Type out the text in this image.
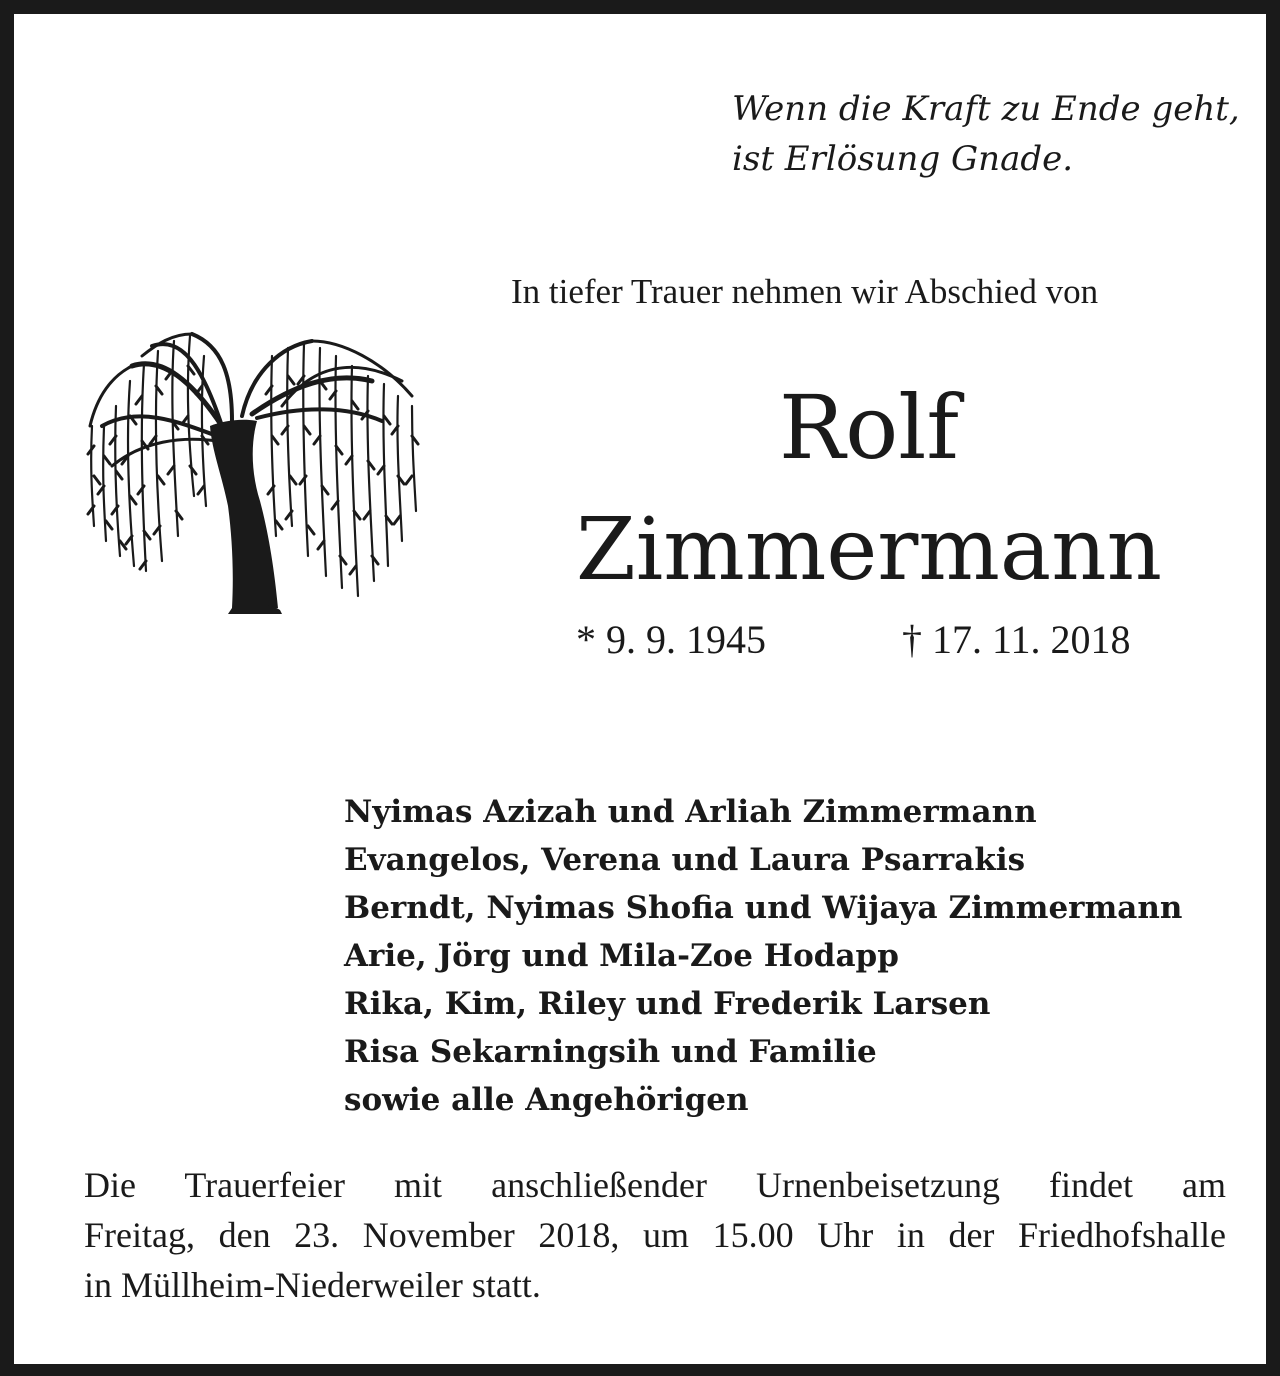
Wenn die Kraft zu Ende geht,
ist Erlösung Gnade.
In tiefer Trauer nehmen wir Abschied von
Rolf
Zimmermann
* 9. 9. 1945	† 17. 11. 2018
Nyimas Azizah und Arliah Zimmermann
Evangelos, Verena und Laura Psarrakis
Berndt, Nyimas Shofia und Wijaya Zimmermann
Arie, Jörg und Mila-Zoe Hodapp
Rika, Kim, Riley und Frederik Larsen
Risa Sekarningsih und Familie
sowie alle Angehörigen
Die Trauerfeier mit anschließender Urnenbeisetzung findet am
Freitag, den 23. November 2018, um 15.00 Uhr in der Friedhofshalle
in Müllheim-Niederweiler statt.
